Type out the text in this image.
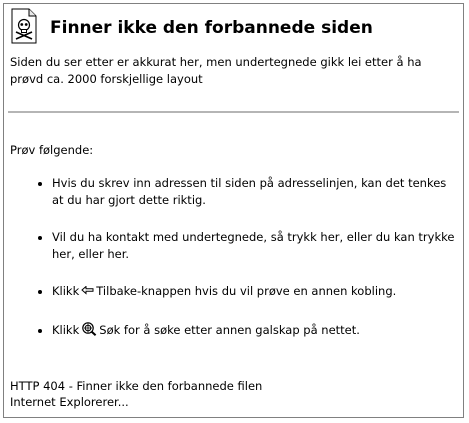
Finner ikke den forbannede siden
Siden du ser etter er akkurat her, men undertegnede gikk lei etter å ha prøvd ca. 2000 forskjellige layout
Prøv følgende:
• Hvis du skrev inn adressen til siden på adresselinjen, kan det tenkes at du har gjort dette riktig.
• Vil du ha kontakt med undertegnede, så trykk her, eller du kan trykke her, eller her.
• Klikk Tilbake-knappen hvis du vil prøve en annen kobling.
• Klikk Søk for å søke etter annen galskap på nettet.
HTTP 404 - Finner ikke den forbannede filen
Internet Explorerer...
